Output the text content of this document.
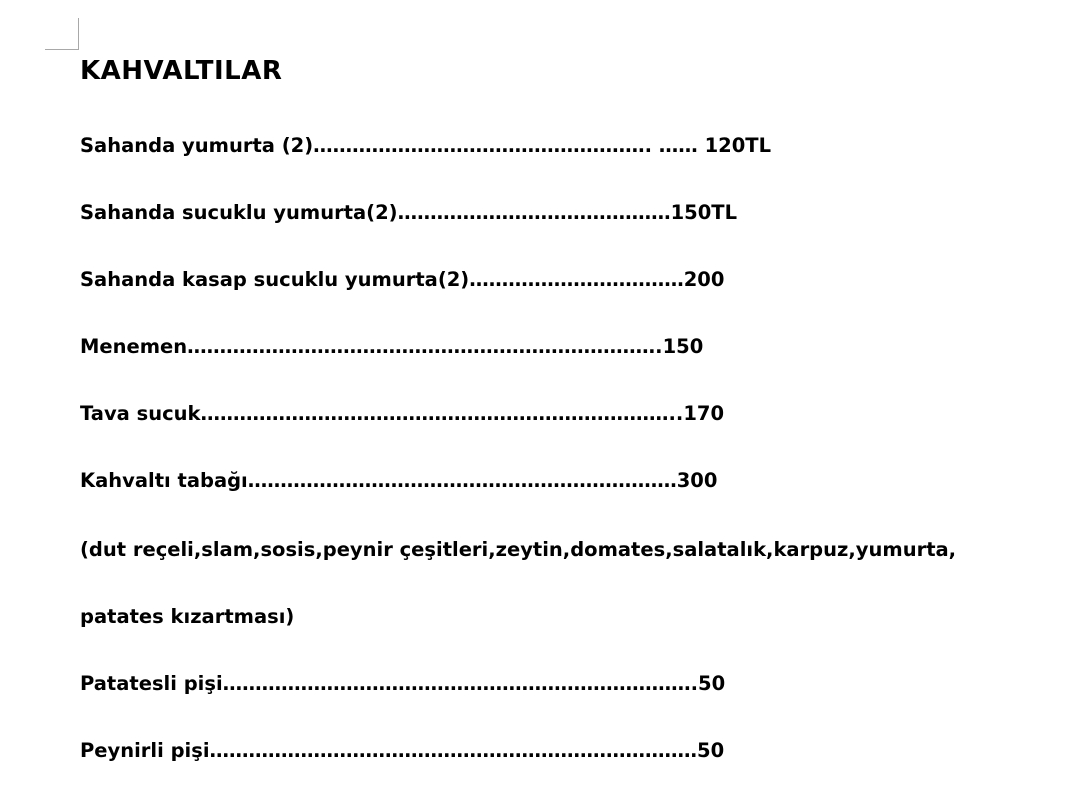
KAHVALTILAR
Sahanda yumurta (2)……………………………………………. …… 120TL
Sahanda sucuklu yumurta(2)……………………………………150TL
Sahanda kasap sucuklu yumurta(2)……………………………200
Menemen……………………………………………………………….150
Tava sucuk………………………………………………………………..170
Kahvaltı tabağı…………………………………………………………300
(dut reçeli,slam,sosis,peynir çeşitleri,zeytin,domates,salatalık,karpuz,yumurta,
patates kızartması)
Patatesli pişi……………………………………………………………….50
Peynirli pişi…………………………………………………………………50
